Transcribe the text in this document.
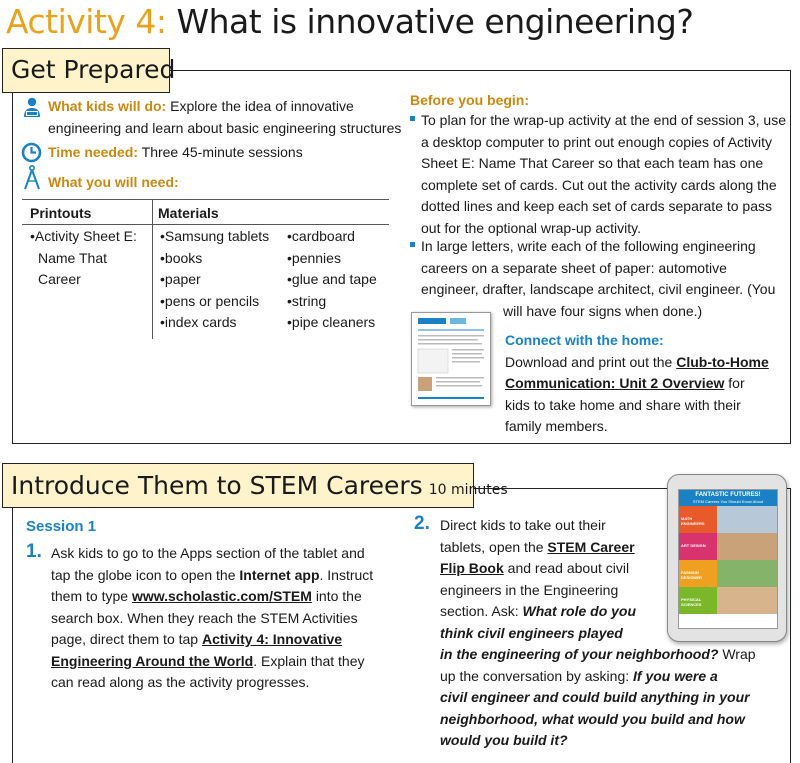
Activity 4: What is innovative engineering?
Get Prepared
What kids will do: Explore the idea of innovative
engineering and learn about basic engineering structures
Time needed: Three 45-minute sessions
What you will need:
Printouts	Materials
•Activity Sheet E:
Name That
Career
•Samsung tablets
•books
•paper
•pens or pencils
•index cards
•cardboard
•pennies
•glue and tape
•string
•pipe cleaners
Before you begin:
To plan for the wrap-up activity at the end of session 3, use
a desktop computer to print out enough copies of Activity
Sheet E: Name That Career so that each team has one
complete set of cards. Cut out the activity cards along the
dotted lines and keep each set of cards separate to pass
out for the optional wrap-up activity.
In large letters, write each of the following engineering
careers on a separate sheet of paper: automotive
engineer, drafter, landscape architect, civil engineer. (You
will have four signs when done.)
Connect with the home:
Download and print out the Club-to-Home
Communication: Unit 2 Overview for
kids to take home and share with their
family members.
Introduce Them to STEM Careers 10 minutes
Session 1
1. Ask kids to go to the Apps section of the tablet and
tap the globe icon to open the Internet app. Instruct
them to type www.scholastic.com/STEM into the
search box. When they reach the STEM Activities
page, direct them to tap Activity 4: Innovative
Engineering Around the World. Explain that they
can read along as the activity progresses.
2. Direct kids to take out their
tablets, open the STEM Career
Flip Book and read about civil
engineers in the Engineering
section. Ask: What role do you
think civil engineers played
in the engineering of your neighborhood? Wrap
up the conversation by asking: If you were a
civil engineer and could build anything in your
neighborhood, what would you build and how
would you build it?
FANTASTIC FUTURES!
STEM Careers You Should Know About
MATH ENGINEERS
ART DESIGN
FASHION DESIGNER
PHYSICAL SCIENCES
